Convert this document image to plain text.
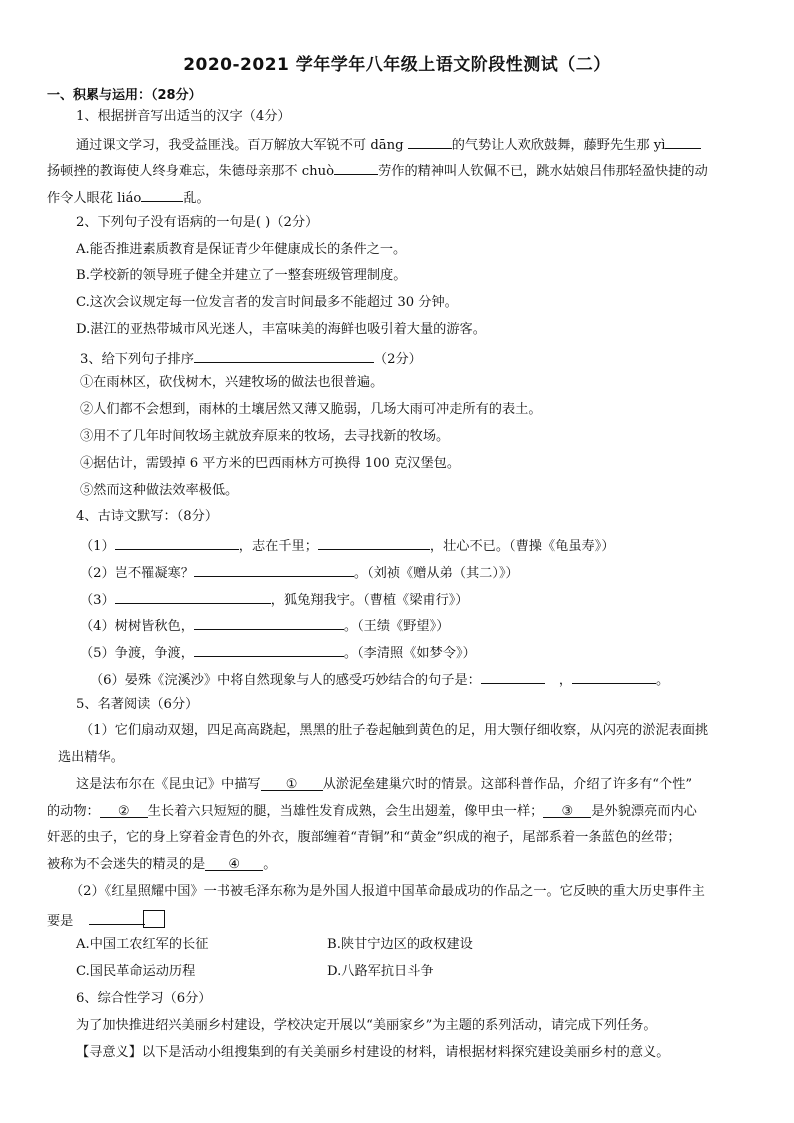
2020-2021 学年学年八年级上语文阶段性测试（二）
一、积累与运用：（28分）
1、根据拼音写出适当的汉字（4分）
通过课文学习，我受益匪浅。百万解放大军锐不可 dāng	的气势让人欢欣鼓舞，藤野先生那 yì
扬顿挫的教诲使人终身难忘，朱德母亲那不 chuò	劳作的精神叫人钦佩不已，跳水姑娘吕伟那轻盈快捷的动
作令人眼花 liáo	乱。
2、下列句子没有语病的一句是( )（2分）
A.能否推进素质教育是保证青少年健康成长的条件之一。
B.学校新的领导班子健全并建立了一整套班级管理制度。
C.这次会议规定每一位发言者的发言时间最多不能超过 30 分钟。
D.湛江的亚热带城市风光迷人，丰富味美的海鲜也吸引着大量的游客。
3、给下列句子排序	（2分）
①在雨林区，砍伐树木，兴建牧场的做法也很普遍。
②人们都不会想到，雨林的土壤居然又薄又脆弱，几场大雨可冲走所有的表土。
③用不了几年时间牧场主就放弃原来的牧场，去寻找新的牧场。
④据估计，需毁掉 6 平方米的巴西雨林方可换得 100 克汉堡包。
⑤然而这种做法效率极低。
4、古诗文默写：（8分）
（1）	，志在千里；	，壮心不已。（曹操《龟虽寿》）
（2）岂不罹凝寒？	。（刘祯《赠从弟（其二）》）
（3）	，狐兔翔我宇。（曹植《梁甫行》）
（4）树树皆秋色，	。（王绩《野望》）
（5）争渡，争渡，	。（李清照《如梦令》）
（6）晏殊《浣溪沙》中将自然现象与人的感受巧妙结合的句子是：	，	。
5、名著阅读（6分）
（1）它们扇动双翅，四足高高跷起，黑黑的肚子卷起触到黄色的足，用大颚仔细收察，从闪亮的淤泥表面挑
选出精华。
这是法布尔在《昆虫记》中描写 ① 从淤泥垒建巢穴时的情景。这部科普作品，介绍了许多有“个性”
的动物： ② 生长着六只短短的腿，当雄性发育成熟，会生出翅羞，像甲虫一样； ③ 是外貌漂亮而内心
奸恶的虫子，它的身上穿着金青色的外衣，腹部缠着“青铜”和“黄金”织成的袍子，尾部系着一条蓝色的丝带；
被称为不会迷失的精灵的是 ④ 。
（2）《红星照耀中国》一书被毛泽东称为是外国人报道中国革命最成功的作品之一。它反映的重大历史事件主
要是
A.中国工农红军的长征	B.陕甘宁边区的政权建设
C.国民革命运动历程	D.八路军抗日斗争
6、综合性学习（6分）
为了加快推进绍兴美丽乡村建设，学校决定开展以“美丽家乡”为主题的系列活动，请完成下列任务。
【寻意义】以下是活动小组搜集到的有关美丽乡村建设的材料，请根据材料探究建设美丽乡村的意义。
